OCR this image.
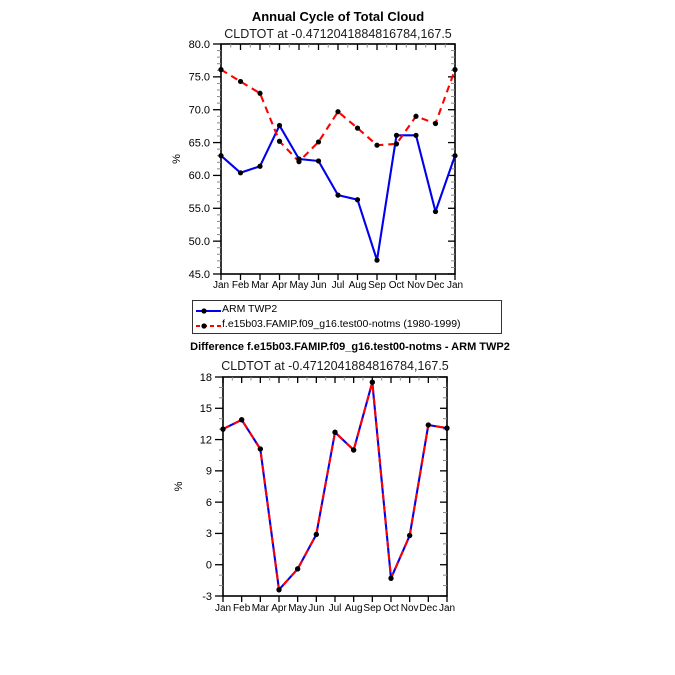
45.0
50.0
55.0
60.0
65.0
70.0
75.0
80.0
Jan Feb Mar Apr May Jun Jul Aug Sep Oct Nov Dec Jan
%
-3
0
3
6
9
12
15
18
Jan Feb Mar Apr May Jun Jul Aug Sep Oct Nov Dec Jan
%
Annual Cycle of Total Cloud
CLDTOT at -0.4712041884816784,167.5
Difference f.e15b03.FAMIP.f09_g16.test00-notms - ARM TWP2
CLDTOT at -0.4712041884816784,167.5
ARM TWP2
f.e15b03.FAMIP.f09_g16.test00-notms (1980-1999)
